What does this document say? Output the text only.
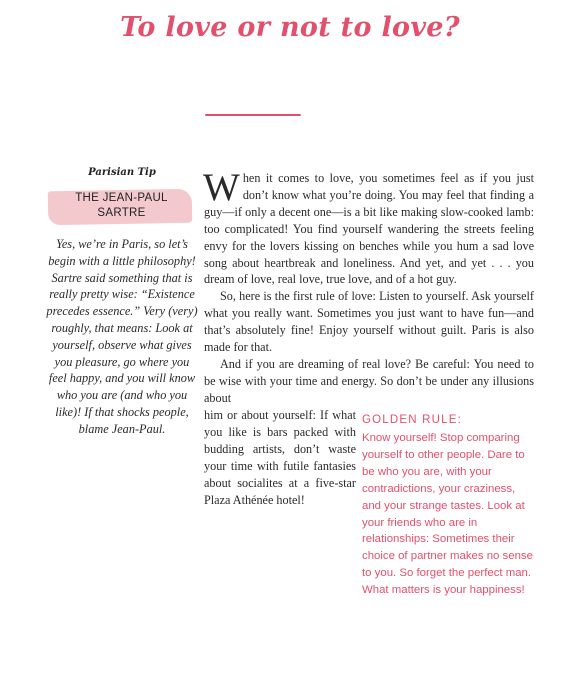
To love or not to love?
Parisian Tip
THE JEAN-PAUL
SARTRE
Yes, we’re in Paris, so let’s begin with a little philosophy! Sartre said something that is really pretty wise: “Existence precedes essence.” Very (very) roughly, that means: Look at yourself, observe what gives you pleasure, go where you feel happy, and you will know who you are (and who you like)! If that shocks people, blame Jean-Paul.

When it comes to love, you sometimes feel as if you just don’t know what you’re doing. You may feel that finding a guy—if only a decent one—is a bit like making slow-cooked lamb: too complicated! You find yourself wandering the streets feeling envy for the lovers kissing on benches while you hum a sad love song about heartbreak and loneliness. And yet, and yet . . . you dream of love, real love, true love, and of a hot guy.

So, here is the first rule of love: Listen to yourself. Ask yourself what you really want. Sometimes you just want to have fun—and that’s absolutely fine! Enjoy yourself without guilt. Paris is also made for that.

And if you are dreaming of real love? Be careful: You need to be wise with your time and energy. So don’t be under any illusions about

him or about yourself: If what you like is bars packed with budding artists, don’t waste your time with futile fantasies about socialites at a five-star Plaza Athénée hotel!
GOLDEN RULE:
Know yourself! Stop comparing yourself to other people. Dare to be who you are, with your contradictions, your craziness, and your strange tastes. Look at your friends who are in relationships: Sometimes their choice of partner makes no sense to you. So forget the perfect man. What matters is your happiness!
